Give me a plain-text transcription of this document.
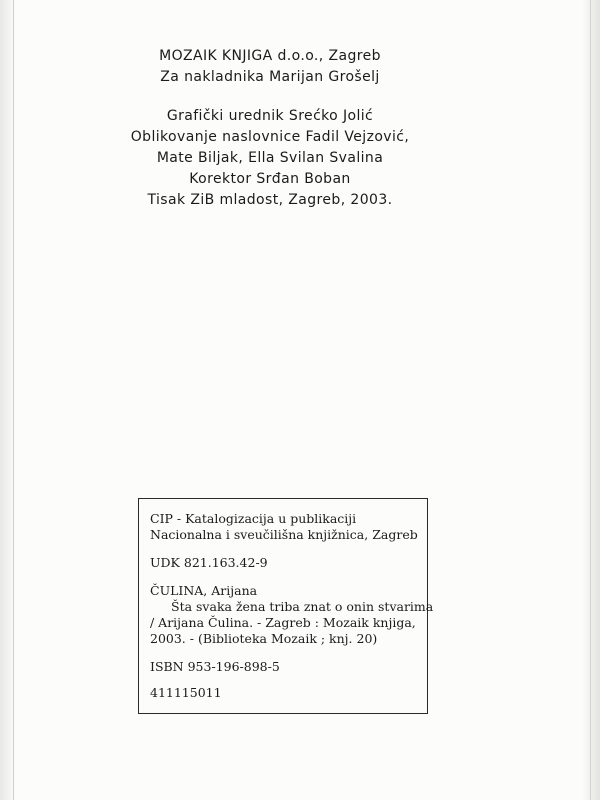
MOZAIK KNJIGA d.o.o., Zagreb
Za nakladnika Marijan Grošelj
Grafički urednik Srećko Jolić
Oblikovanje naslovnice Fadil Vejzović,
Mate Biljak, Ella Svilan Svalina
Korektor Srđan Boban
Tisak ZiB mladost, Zagreb, 2003.
CIP - Katalogizacija u publikaciji
Nacionalna i sveučilišna knjižnica, Zagreb
UDK 821.163.42-9
ČULINA, Arijana
Šta svaka žena triba znat o onin stvarima
/ Arijana Čulina. - Zagreb : Mozaik knjiga,
2003. - (Biblioteka Mozaik ; knj. 20)
ISBN 953-196-898-5
411115011
